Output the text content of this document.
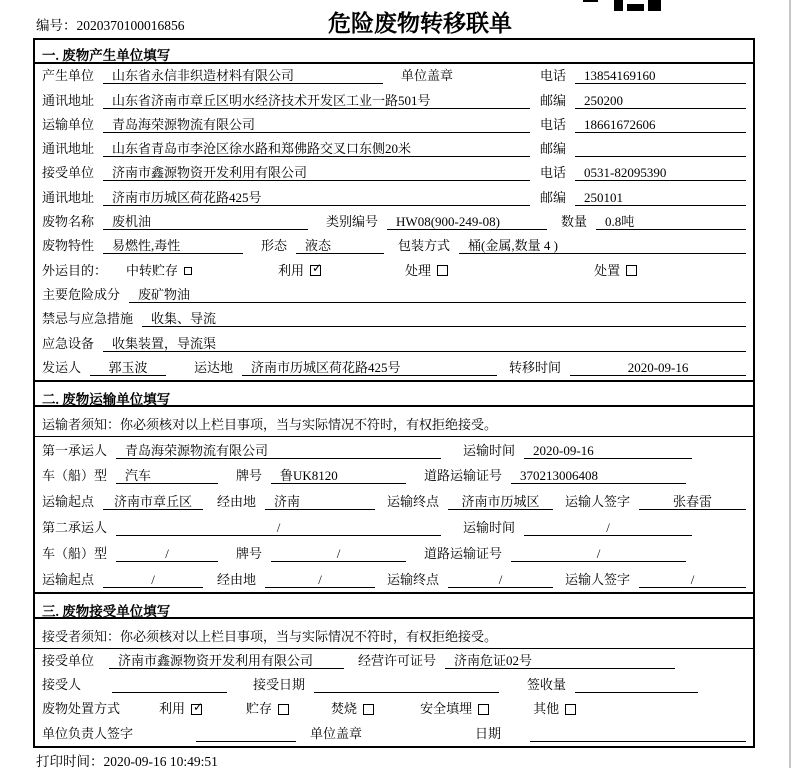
编号：2020370100016856	危险废物转移联单
一. 废物产生单位填写
产生单位	山东省永信非织造材料有限公司	单位盖章	电话	13854169160
通讯地址	山东省济南市章丘区明水经济技术开发区工业一路501号	邮编	250200
运输单位	青岛海荣源物流有限公司	电话	18661672606
通讯地址	山东省青岛市李沧区徐水路和郑佛路交叉口东侧20米	邮编
接受单位	济南市鑫源物资开发利用有限公司	电话	0531-82095390
通讯地址	济南市历城区荷花路425号	邮编	250101
废物名称	废机油	类别编号	HW08(900-249-08)	数量	0.8吨
废物特性	易燃性,毒性	形态	液态	包装方式	桶(金属,数量 4 )
外运目的： 中转贮存	利用 ✓	处理	处置
主要危险成分	废矿物油
禁忌与应急措施	收集、导流
应急设备	收集装置，导流渠
发运人	郭玉波	运达地	济南市历城区荷花路425号	转移时间	2020-09-16
二. 废物运输单位填写
运输者须知：你必须核对以上栏目事项，当与实际情况不符时，有权拒绝接受。
第一承运人	青岛海荣源物流有限公司	运输时间	2020-09-16
车（船）型	汽车	牌号	鲁UK8120	道路运输证号	370213006408
运输起点	济南市章丘区	经由地	济南	运输终点	济南市历城区	运输人签字	张春雷
第二承运人	/	运输时间	/
车（船）型	/	牌号	/	道路运输证号	/
运输起点	/	经由地	/	运输终点	/	运输人签字	/
三. 废物接受单位填写
接受者须知：你必须核对以上栏目事项，当与实际情况不符时，有权拒绝接受。
接受单位	济南市鑫源物资开发利用有限公司	经营许可证号	济南危证02号
接受人	接受日期	签收量
废物处置方式	利用 ✓	贮存	焚烧	安全填埋	其他
单位负责人签字	单位盖章	日期
打印时间：2020-09-16 10:49:51
